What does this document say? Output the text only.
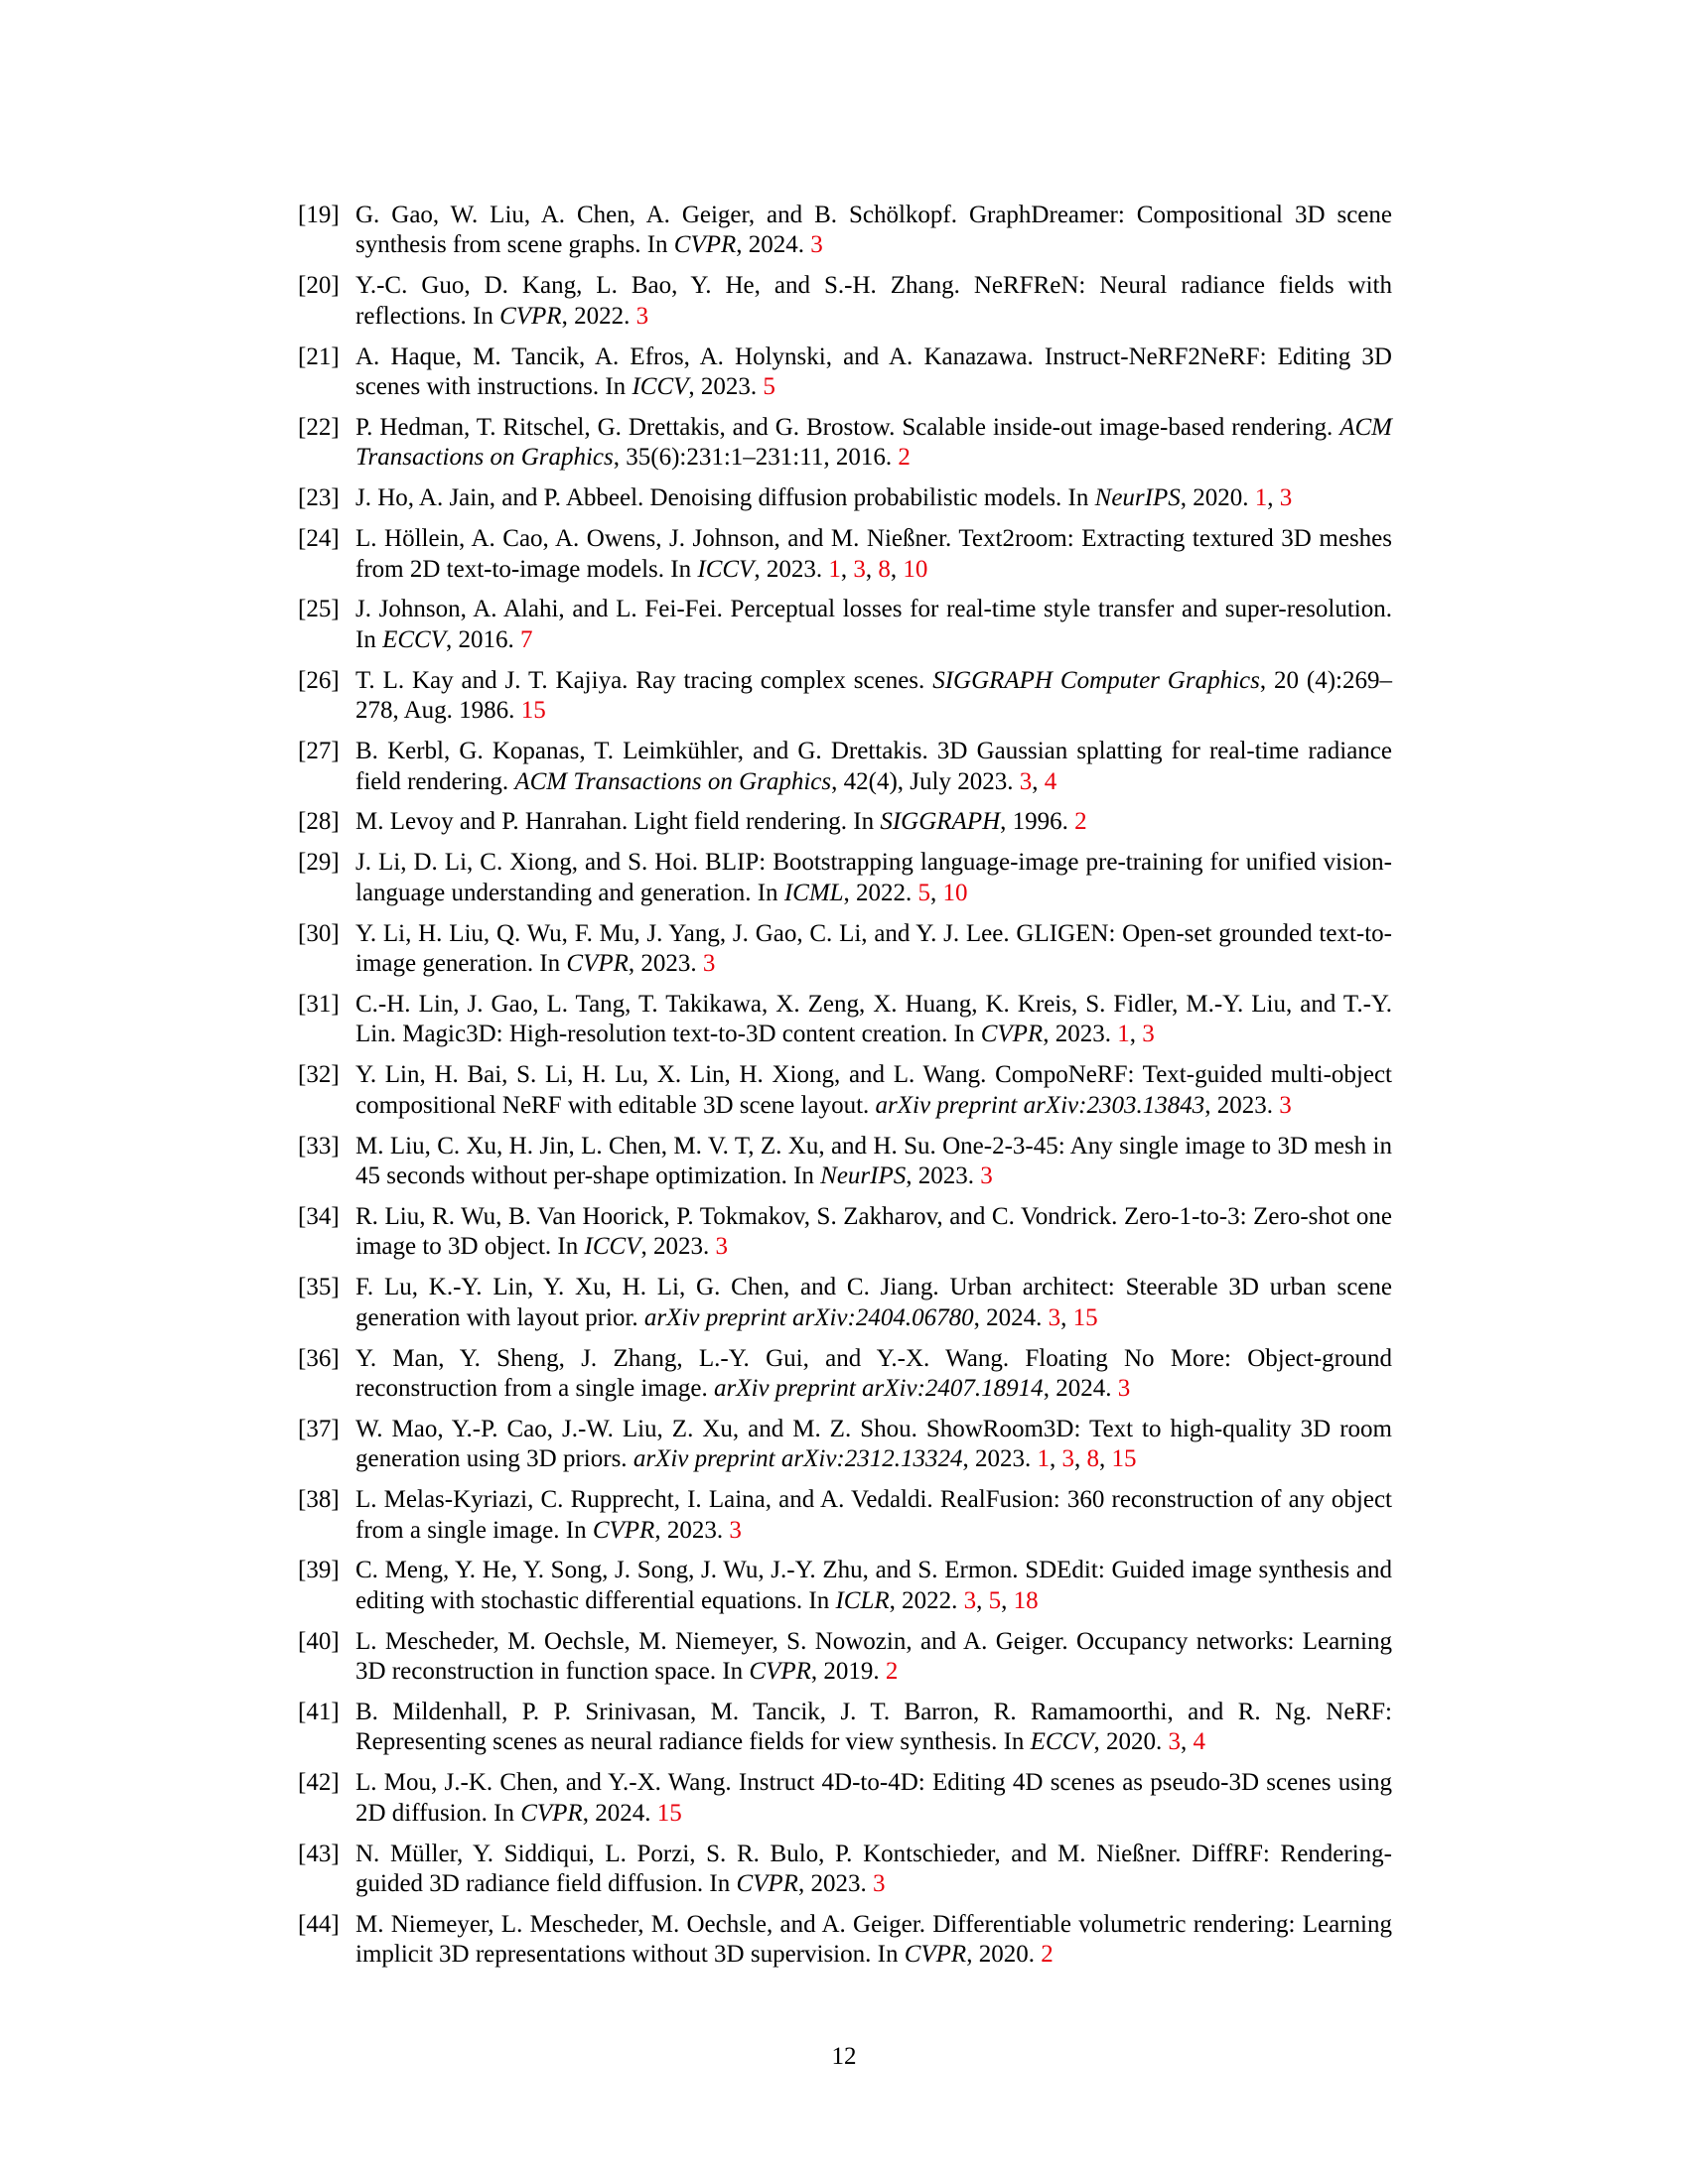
[19] G. Gao, W. Liu, A. Chen, A. Geiger, and B. Schölkopf. GraphDreamer: Compositional 3D scene synthesis from scene graphs. In CVPR, 2024. 3
[20] Y.-C. Guo, D. Kang, L. Bao, Y. He, and S.-H. Zhang. NeRFReN: Neural radiance fields with reflections. In CVPR, 2022. 3
[21] A. Haque, M. Tancik, A. Efros, A. Holynski, and A. Kanazawa. Instruct-NeRF2NeRF: Editing 3D scenes with instructions. In ICCV, 2023. 5
[22] P. Hedman, T. Ritschel, G. Drettakis, and G. Brostow. Scalable inside-out image-based rendering. ACM Transactions on Graphics, 35(6):231:1–231:11, 2016. 2
[23] J. Ho, A. Jain, and P. Abbeel. Denoising diffusion probabilistic models. In NeurIPS, 2020. 1, 3
[24] L. Höllein, A. Cao, A. Owens, J. Johnson, and M. Nießner. Text2room: Extracting textured 3D meshes from 2D text-to-image models. In ICCV, 2023. 1, 3, 8, 10
[25] J. Johnson, A. Alahi, and L. Fei-Fei. Perceptual losses for real-time style transfer and super-resolution. In ECCV, 2016. 7
[26] T. L. Kay and J. T. Kajiya. Ray tracing complex scenes. SIGGRAPH Computer Graphics, 20 (4):269–278, Aug. 1986. 15
[27] B. Kerbl, G. Kopanas, T. Leimkühler, and G. Drettakis. 3D Gaussian splatting for real-time radiance field rendering. ACM Transactions on Graphics, 42(4), July 2023. 3, 4
[28] M. Levoy and P. Hanrahan. Light field rendering. In SIGGRAPH, 1996. 2
[29] J. Li, D. Li, C. Xiong, and S. Hoi. BLIP: Bootstrapping language-image pre-training for unified vision-language understanding and generation. In ICML, 2022. 5, 10
[30] Y. Li, H. Liu, Q. Wu, F. Mu, J. Yang, J. Gao, C. Li, and Y. J. Lee. GLIGEN: Open-set grounded text-to-image generation. In CVPR, 2023. 3
[31] C.-H. Lin, J. Gao, L. Tang, T. Takikawa, X. Zeng, X. Huang, K. Kreis, S. Fidler, M.-Y. Liu, and T.-Y. Lin. Magic3D: High-resolution text-to-3D content creation. In CVPR, 2023. 1, 3
[32] Y. Lin, H. Bai, S. Li, H. Lu, X. Lin, H. Xiong, and L. Wang. CompoNeRF: Text-guided multi-object compositional NeRF with editable 3D scene layout. arXiv preprint arXiv:2303.13843, 2023. 3
[33] M. Liu, C. Xu, H. Jin, L. Chen, M. V. T, Z. Xu, and H. Su. One-2-3-45: Any single image to 3D mesh in 45 seconds without per-shape optimization. In NeurIPS, 2023. 3
[34] R. Liu, R. Wu, B. Van Hoorick, P. Tokmakov, S. Zakharov, and C. Vondrick. Zero-1-to-3: Zero-shot one image to 3D object. In ICCV, 2023. 3
[35] F. Lu, K.-Y. Lin, Y. Xu, H. Li, G. Chen, and C. Jiang. Urban architect: Steerable 3D urban scene generation with layout prior. arXiv preprint arXiv:2404.06780, 2024. 3, 15
[36] Y. Man, Y. Sheng, J. Zhang, L.-Y. Gui, and Y.-X. Wang. Floating No More: Object-ground reconstruction from a single image. arXiv preprint arXiv:2407.18914, 2024. 3
[37] W. Mao, Y.-P. Cao, J.-W. Liu, Z. Xu, and M. Z. Shou. ShowRoom3D: Text to high-quality 3D room generation using 3D priors. arXiv preprint arXiv:2312.13324, 2023. 1, 3, 8, 15
[38] L. Melas-Kyriazi, C. Rupprecht, I. Laina, and A. Vedaldi. RealFusion: 360 reconstruction of any object from a single image. In CVPR, 2023. 3
[39] C. Meng, Y. He, Y. Song, J. Song, J. Wu, J.-Y. Zhu, and S. Ermon. SDEdit: Guided image synthesis and editing with stochastic differential equations. In ICLR, 2022. 3, 5, 18
[40] L. Mescheder, M. Oechsle, M. Niemeyer, S. Nowozin, and A. Geiger. Occupancy networks: Learning 3D reconstruction in function space. In CVPR, 2019. 2
[41] B. Mildenhall, P. P. Srinivasan, M. Tancik, J. T. Barron, R. Ramamoorthi, and R. Ng. NeRF: Representing scenes as neural radiance fields for view synthesis. In ECCV, 2020. 3, 4
[42] L. Mou, J.-K. Chen, and Y.-X. Wang. Instruct 4D-to-4D: Editing 4D scenes as pseudo-3D scenes using 2D diffusion. In CVPR, 2024. 15
[43] N. Müller, Y. Siddiqui, L. Porzi, S. R. Bulo, P. Kontschieder, and M. Nießner. DiffRF: Rendering-guided 3D radiance field diffusion. In CVPR, 2023. 3
[44] M. Niemeyer, L. Mescheder, M. Oechsle, and A. Geiger. Differentiable volumetric rendering: Learning implicit 3D representations without 3D supervision. In CVPR, 2020. 2
12
